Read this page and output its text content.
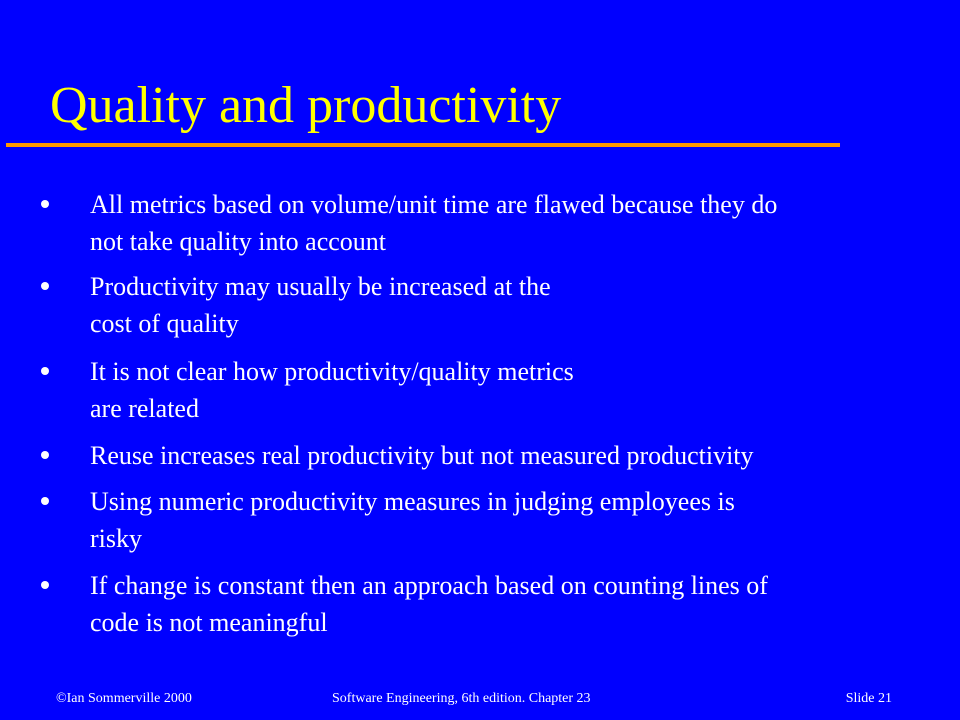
Quality and productivity
All metrics based on volume/unit time are flawed because they do
not take quality into account
Productivity may usually be increased at the
cost of quality
It is not clear how productivity/quality metrics
are related
Reuse increases real productivity but not measured productivity
Using numeric productivity measures in judging employees is
risky
If change is constant then an approach based on counting lines of
code is not meaningful
©Ian Sommerville 2000	Software Engineering, 6th edition. Chapter 23	Slide 21
